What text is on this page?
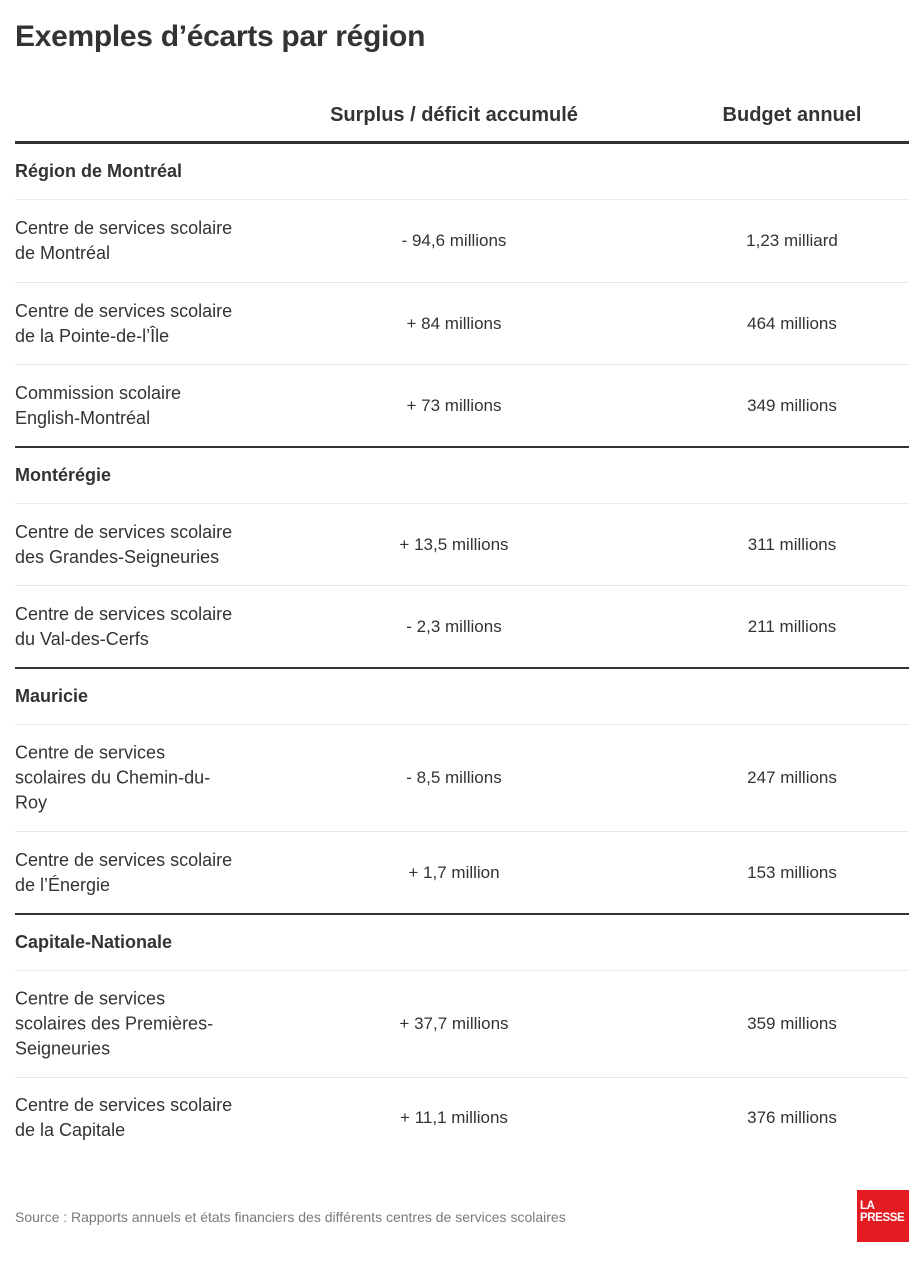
Exemples d’écarts par région
Surplus / déficit accumulé	Budget annuel
Région de Montréal
Centre de services scolaire de Montréal
- 94,6 millions	1,23 milliard
Centre de services scolaire de la Pointe-de-l’Île
+ 84 millions	464 millions
Commission scolaire English-Montréal
+ 73 millions	349 millions
Montérégie
Centre de services scolaire des Grandes-Seigneuries
+ 13,5 millions	311 millions
Centre de services scolaire du Val-des-Cerfs
- 2,3 millions	211 millions
Mauricie
Centre de services scolaires du Chemin-du-Roy
- 8,5 millions	247 millions
Centre de services scolaire de l’Énergie
+ 1,7 million	153 millions
Capitale-Nationale
Centre de services scolaires des Premières-Seigneuries
+ 37,7 millions	359 millions
Centre de services scolaire de la Capitale
+ 11,1 millions	376 millions
Source : Rapports annuels et états financiers des différents centres de services scolaires
LA
PRESSE
